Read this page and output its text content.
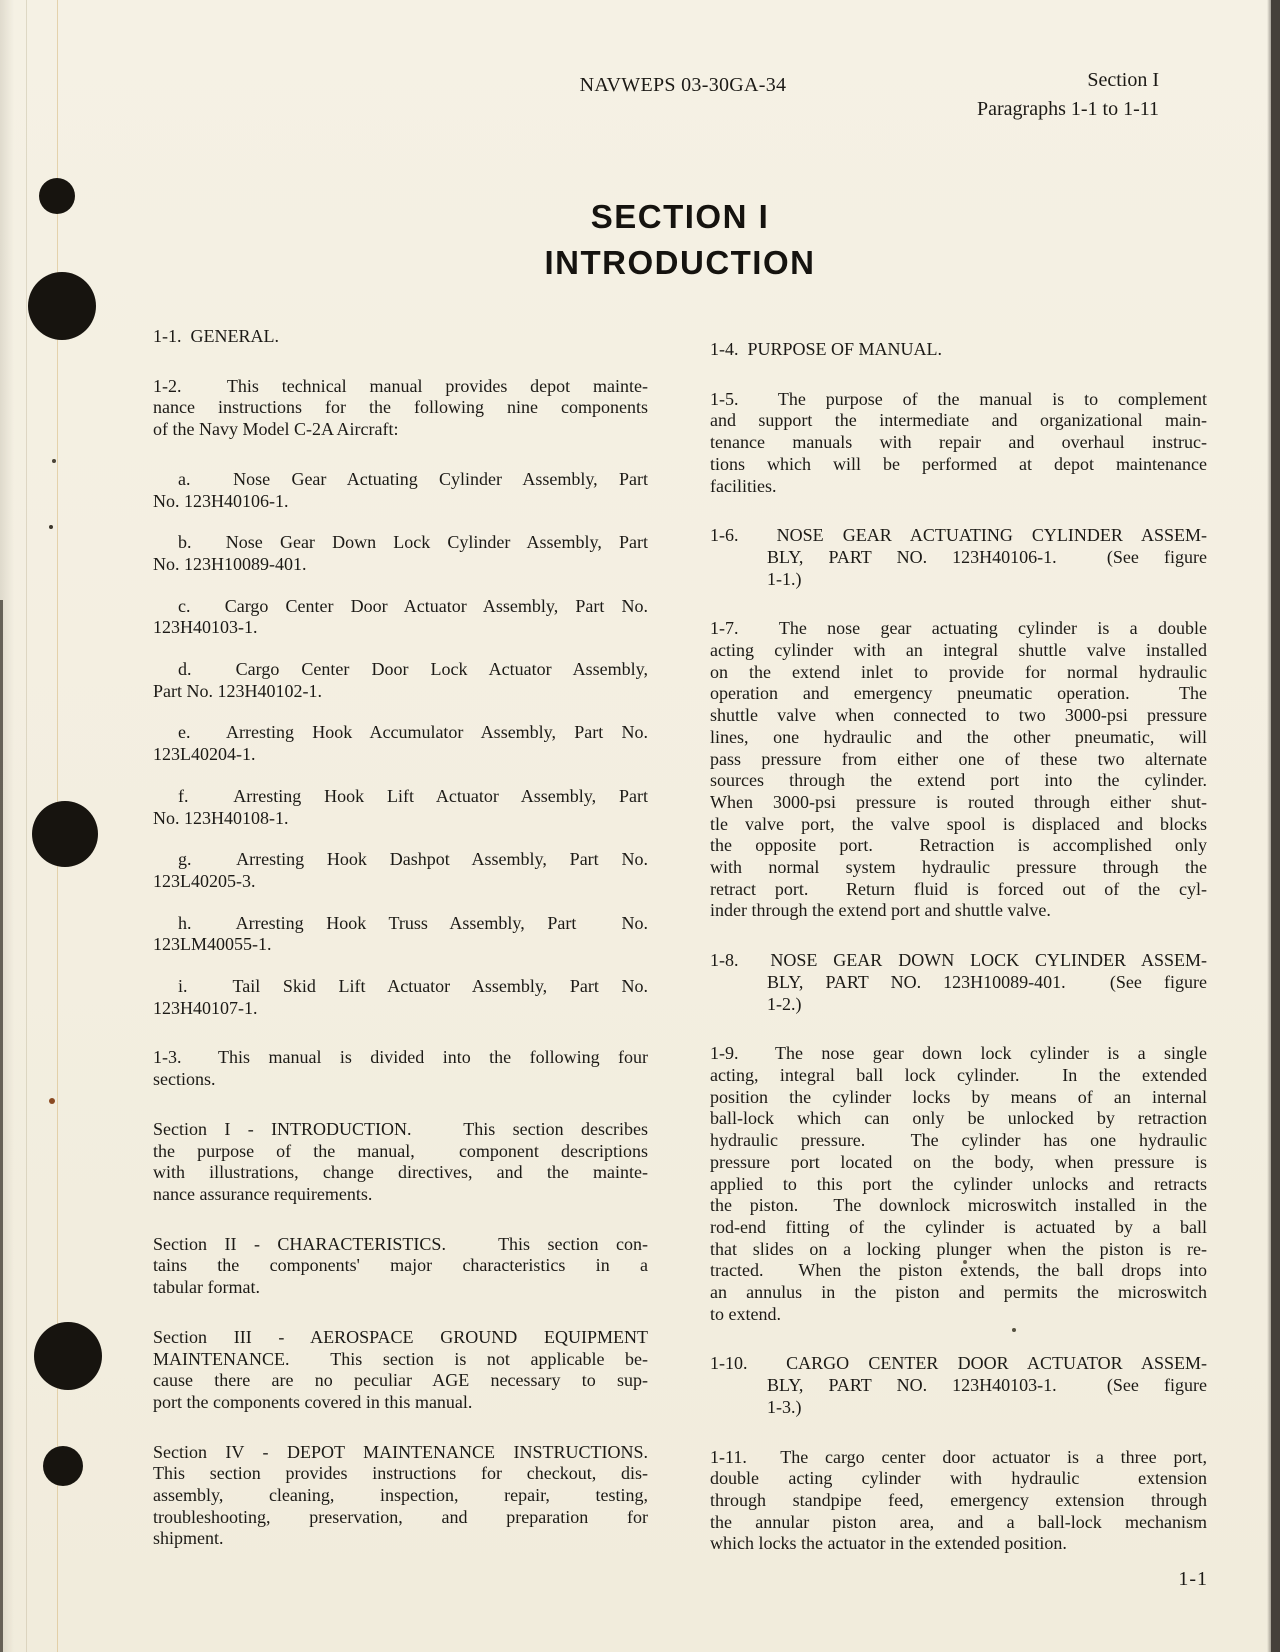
NAVWEPS 03-30GA-34	Section I
Paragraphs 1-1 to 1-11
SECTION I
INTRODUCTION
1-1.  GENERAL.
1-2.  This technical manual provides depot mainte-
nance instructions for the following nine components
of the Navy Model C-2A Aircraft:
a.  Nose Gear Actuating Cylinder Assembly, Part
No. 123H40106-1.
b.  Nose Gear Down Lock Cylinder Assembly, Part
No. 123H10089-401.
c.  Cargo Center Door Actuator Assembly, Part No.
123H40103-1.
d.  Cargo Center Door Lock Actuator Assembly,
Part No. 123H40102-1.
e.  Arresting Hook Accumulator Assembly, Part No.
123L40204-1.
f.  Arresting Hook Lift Actuator Assembly, Part
No. 123H40108-1.
g.  Arresting Hook Dashpot Assembly, Part No.
123L40205-3.
h.  Arresting Hook Truss Assembly, Part  No.
123LM40055-1.
i.  Tail Skid Lift Actuator Assembly, Part No.
123H40107-1.
1-3.  This manual is divided into the following four
sections.
Section I - INTRODUCTION.   This section describes
the purpose of the manual,  component descriptions
with illustrations, change directives, and the mainte-
nance assurance requirements.
Section II - CHARACTERISTICS.   This section con-
tains the components' major characteristics in a
tabular format.
Section III - AEROSPACE GROUND EQUIPMENT
MAINTENANCE.  This section is not applicable be-
cause there are no peculiar AGE necessary to sup-
port the components covered in this manual.
Section IV - DEPOT MAINTENANCE INSTRUCTIONS.
This section provides instructions for checkout, dis-
assembly, cleaning, inspection, repair, testing,
troubleshooting, preservation, and preparation for
shipment.
1-4.  PURPOSE OF MANUAL.
1-5.  The purpose of the manual is to complement
and support the intermediate and organizational main-
tenance manuals with repair and overhaul instruc-
tions which will be performed at depot maintenance
facilities.
1-6.  NOSE GEAR ACTUATING CYLINDER ASSEM-
BLY, PART NO. 123H40106-1.  (See figure
1-1.)
1-7.  The nose gear actuating cylinder is a double
acting cylinder with an integral shuttle valve installed
on the extend inlet to provide for normal hydraulic
operation and emergency pneumatic operation.  The
shuttle valve when connected to two 3000-psi pressure
lines, one hydraulic and the other pneumatic, will
pass pressure from either one of these two alternate
sources through the extend port into the cylinder.
When 3000-psi pressure is routed through either shut-
tle valve port, the valve spool is displaced and blocks
the opposite port.  Retraction is accomplished only
with normal system hydraulic pressure through the
retract port.  Return fluid is forced out of the cyl-
inder through the extend port and shuttle valve.
1-8.  NOSE GEAR DOWN LOCK CYLINDER ASSEM-
BLY, PART NO. 123H10089-401.  (See figure
1-2.)
1-9.  The nose gear down lock cylinder is a single
acting, integral ball lock cylinder.  In the extended
position the cylinder locks by means of an internal
ball-lock which can only be unlocked by retraction
hydraulic pressure.  The cylinder has one hydraulic
pressure port located on the body, when pressure is
applied to this port the cylinder unlocks and retracts
the piston.  The downlock microswitch installed in the
rod-end fitting of the cylinder is actuated by a ball
that slides on a locking plunger when the piston is re-
tracted.  When the piston extends, the ball drops into
an annulus in the piston and permits the microswitch
to extend.
1-10.  CARGO CENTER DOOR ACTUATOR ASSEM-
BLY, PART NO. 123H40103-1.  (See figure
1-3.)
1-11.  The cargo center door actuator is a three port,
double acting cylinder with hydraulic  extension
through standpipe feed, emergency extension through
the annular piston area, and a ball-lock mechanism
which locks the actuator in the extended position.
1-1
